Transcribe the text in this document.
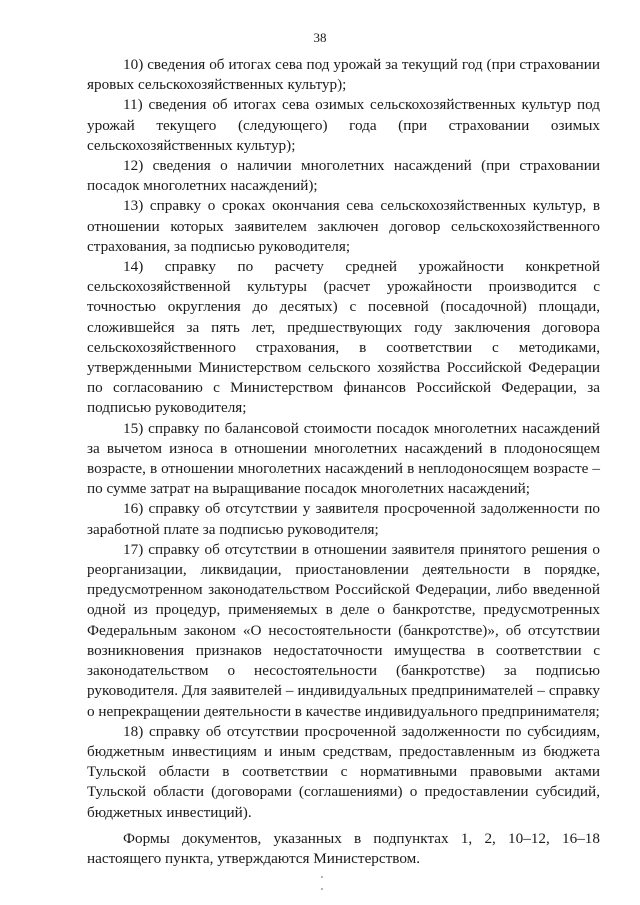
38

10) сведения об итогах сева под урожай за текущий год (при страховании яровых сельскохозяйственных культур);

11) сведения об итогах сева озимых сельскохозяйственных культур под урожай текущего (следующего) года (при страховании озимых сельскохозяйственных культур);

12) сведения о наличии многолетних насаждений (при страховании посадок многолетних насаждений);

13) справку о сроках окончания сева сельскохозяйственных культур, в отношении которых заявителем заключен договор сельскохозяйственного страхования, за подписью руководителя;

14) справку по расчету средней урожайности конкретной сельскохозяйственной культуры (расчет урожайности производится с точностью округления до десятых) с посевной (посадочной) площади, сложившейся за пять лет, предшествующих году заключения договора сельскохозяйственного страхования, в соответствии с методиками, утвержденными Министерством сельского хозяйства Российской Федерации по согласованию с Министерством финансов Российской Федерации, за подписью руководителя;

15) справку по балансовой стоимости посадок многолетних насаждений за вычетом износа в отношении многолетних насаждений в плодоносящем возрасте, в отношении многолетних насаждений в неплодоносящем возрасте – по сумме затрат на выращивание посадок многолетних насаждений;

16) справку об отсутствии у заявителя просроченной задолженности по заработной плате за подписью руководителя;

17) справку об отсутствии в отношении заявителя принятого решения о реорганизации, ликвидации, приостановлении деятельности в порядке, предусмотренном законодательством Российской Федерации, либо введенной одной из процедур, применяемых в деле о банкротстве, предусмотренных Федеральным законом «О несостоятельности (банкротстве)», об отсутствии возникновения признаков недостаточности имущества в соответствии с законодательством о несостоятельности (банкротстве) за подписью руководителя. Для заявителей – индивидуальных предпринимателей – справку о непрекращении деятельности в качестве индивидуального предпринимателя;

18) справку об отсутствии просроченной задолженности по субсидиям, бюджетным инвестициям и иным средствам, предоставленным из бюджета Тульской области в соответствии с нормативными правовыми актами Тульской области (договорами (соглашениями) о предоставлении субсидий, бюджетных инвестиций).

Формы документов, указанных в подпунктах 1, 2, 10–12, 16–18 настоящего пункта, утверждаются Министерством.
